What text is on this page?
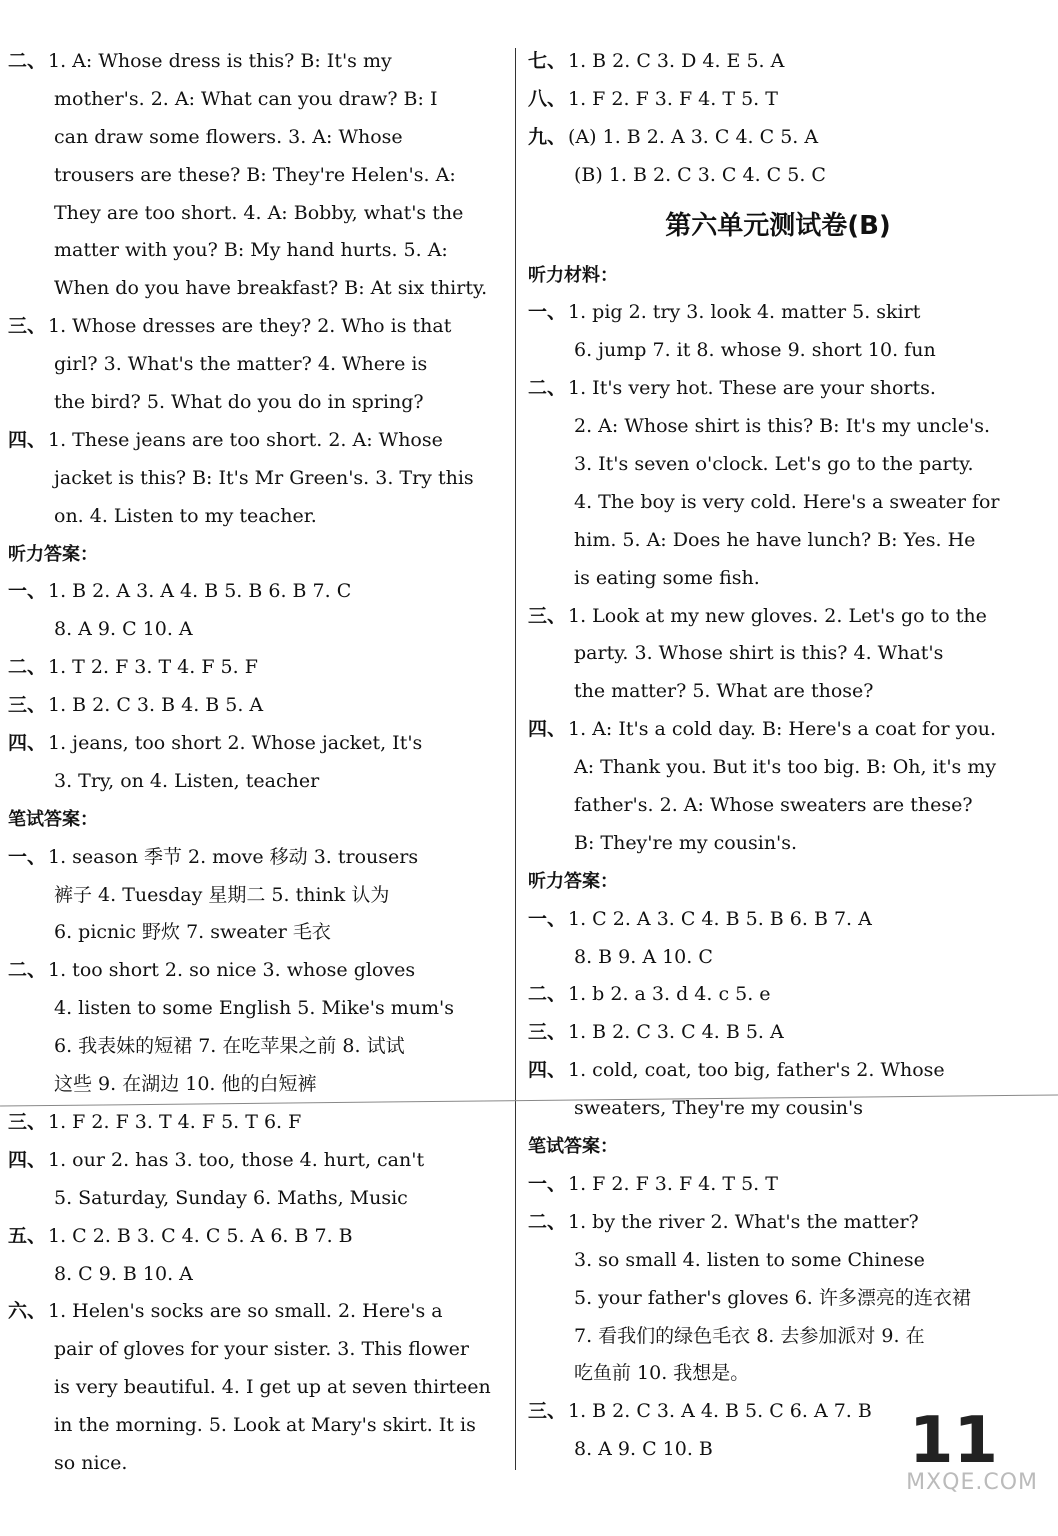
二、 1. A: Whose dress is this? B: It's my
mother's. 2. A: What can you draw? B: I
can draw some flowers. 3. A: Whose
trousers are these? B: They're Helen's. A:
They are too short. 4. A: Bobby, what's the
matter with you? B: My hand hurts. 5. A:
When do you have breakfast? B: At six thirty.
三、 1. Whose dresses are they? 2. Who is that
girl? 3. What's the matter? 4. Where is
the bird? 5. What do you do in spring?
四、 1. These jeans are too short. 2. A: Whose
jacket is this? B: It's Mr Green's. 3. Try this
on. 4. Listen to my teacher.
听力答案：
一、 1. B 2. A 3. A 4. B 5. B 6. B 7. C
8. A 9. C 10. A
二、 1. T 2. F 3. T 4. F 5. F
三、 1. B 2. C 3. B 4. B 5. A
四、 1. jeans, too short 2. Whose jacket, It's
3. Try, on 4. Listen, teacher
笔试答案：
一、 1. season 季节 2. move 移动 3. trousers
裤子 4. Tuesday 星期二 5. think 认为
6. picnic 野炊 7. sweater 毛衣
二、 1. too short 2. so nice 3. whose gloves
4. listen to some English 5. Mike's mum's
6. 我表妹的短裙 7. 在吃苹果之前 8. 试试
这些 9. 在湖边 10. 他的白短裤
三、 1. F 2. F 3. T 4. F 5. T 6. F
四、 1. our 2. has 3. too, those 4. hurt, can't
5. Saturday, Sunday 6. Maths, Music
五、 1. C 2. B 3. C 4. C 5. A 6. B 7. B
8. C 9. B 10. A
六、 1. Helen's socks are so small. 2. Here's a
pair of gloves for your sister. 3. This flower
is very beautiful. 4. I get up at seven thirteen
in the morning. 5. Look at Mary's skirt. It is
so nice.
七、 1. B 2. C 3. D 4. E 5. A
八、 1. F 2. F 3. F 4. T 5. T
九、 (A) 1. B 2. A 3. C 4. C 5. A
(B) 1. B 2. C 3. C 4. C 5. C
第六单元测试卷(B)
听力材料：
一、 1. pig 2. try 3. look 4. matter 5. skirt
6. jump 7. it 8. whose 9. short 10. fun
二、 1. It's very hot. These are your shorts.
2. A: Whose shirt is this? B: It's my uncle's.
3. It's seven o'clock. Let's go to the party.
4. The boy is very cold. Here's a sweater for
him. 5. A: Does he have lunch? B: Yes. He
is eating some fish.
三、 1. Look at my new gloves. 2. Let's go to the
party. 3. Whose shirt is this? 4. What's
the matter? 5. What are those?
四、 1. A: It's a cold day. B: Here's a coat for you.
A: Thank you. But it's too big. B: Oh, it's my
father's. 2. A: Whose sweaters are these?
B: They're my cousin's.
听力答案：
一、 1. C 2. A 3. C 4. B 5. B 6. B 7. A
8. B 9. A 10. C
二、 1. b 2. a 3. d 4. c 5. e
三、 1. B 2. C 3. C 4. B 5. A
四、 1. cold, coat, too big, father's 2. Whose
sweaters, They're my cousin's
笔试答案：
一、 1. F 2. F 3. F 4. T 5. T
二、 1. by the river 2. What's the matter?
3. so small 4. listen to some Chinese
5. your father's gloves 6. 许多漂亮的连衣裙
7. 看我们的绿色毛衣 8. 去参加派对 9. 在
吃鱼前 10. 我想是。
三、 1. B 2. C 3. A 4. B 5. C 6. A 7. B
8. A 9. C 10. B	11
MXQE.COM
